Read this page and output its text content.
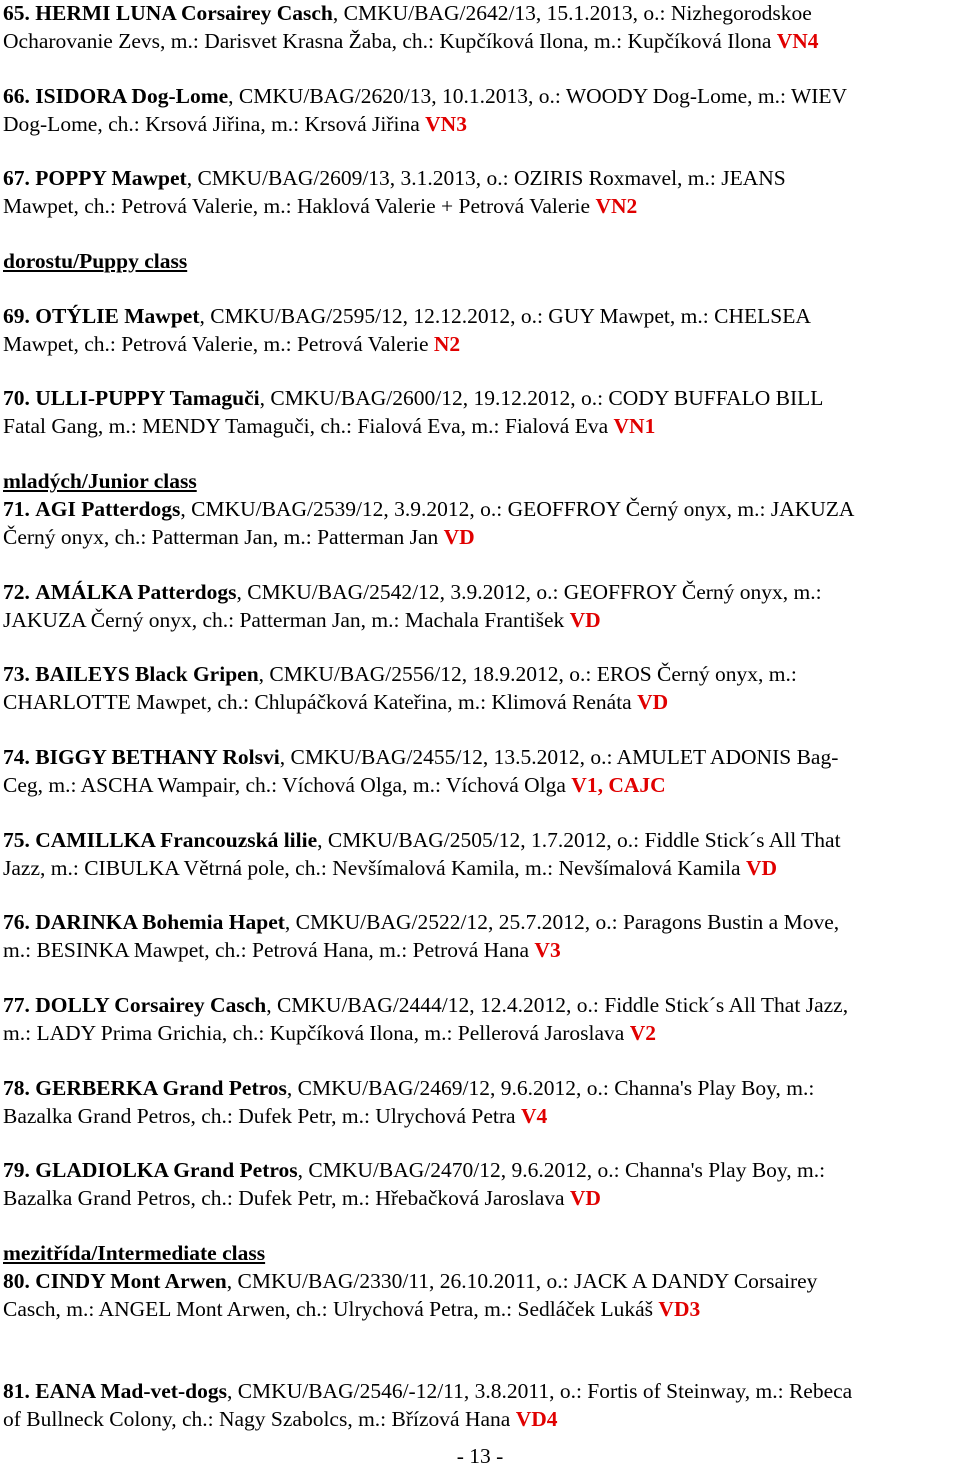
65. HERMI LUNA Corsairey Casch, CMKU/BAG/2642/13, 15.1.2013, o.: Nizhegorodskoe
Ocharovanie Zevs, m.: Darisvet Krasna Žaba, ch.: Kupčíková Ilona, m.: Kupčíková Ilona VN4

66. ISIDORA Dog-Lome, CMKU/BAG/2620/13, 10.1.2013, o.: WOODY Dog-Lome, m.: WIEV
Dog-Lome, ch.: Krsová Jiřina, m.: Krsová Jiřina VN3

67. POPPY Mawpet, CMKU/BAG/2609/13, 3.1.2013, o.: OZIRIS Roxmavel, m.: JEANS
Mawpet, ch.: Petrová Valerie, m.: Haklová Valerie + Petrová Valerie VN2

dorostu/Puppy class

69. OTÝLIE Mawpet, CMKU/BAG/2595/12, 12.12.2012, o.: GUY Mawpet, m.: CHELSEA
Mawpet, ch.: Petrová Valerie, m.: Petrová Valerie N2

70. ULLI-PUPPY Tamaguči, CMKU/BAG/2600/12, 19.12.2012, o.: CODY BUFFALO BILL
Fatal Gang, m.: MENDY Tamaguči, ch.: Fialová Eva, m.: Fialová Eva VN1

mladých/Junior class

71. AGI Patterdogs, CMKU/BAG/2539/12, 3.9.2012, o.: GEOFFROY Černý onyx, m.: JAKUZA
Černý onyx, ch.: Patterman Jan, m.: Patterman Jan VD

72. AMÁLKA Patterdogs, CMKU/BAG/2542/12, 3.9.2012, o.: GEOFFROY Černý onyx, m.:
JAKUZA Černý onyx, ch.: Patterman Jan, m.: Machala František VD

73. BAILEYS Black Gripen, CMKU/BAG/2556/12, 18.9.2012, o.: EROS Černý onyx, m.:
CHARLOTTE Mawpet, ch.: Chlupáčková Kateřina, m.: Klimová Renáta VD

74. BIGGY BETHANY Rolsvi, CMKU/BAG/2455/12, 13.5.2012, o.: AMULET ADONIS Bag-
Ceg, m.: ASCHA Wampair, ch.: Víchová Olga, m.: Víchová Olga V1, CAJC

75. CAMILLKA Francouzská lilie, CMKU/BAG/2505/12, 1.7.2012, o.: Fiddle Stick´s All That
Jazz, m.: CIBULKA Větrná pole, ch.: Nevšímalová Kamila, m.: Nevšímalová Kamila VD

76. DARINKA Bohemia Hapet, CMKU/BAG/2522/12, 25.7.2012, o.: Paragons Bustin a Move,
m.: BESINKA Mawpet, ch.: Petrová Hana, m.: Petrová Hana V3

77. DOLLY Corsairey Casch, CMKU/BAG/2444/12, 12.4.2012, o.: Fiddle Stick´s All That Jazz,
m.: LADY Prima Grichia, ch.: Kupčíková Ilona, m.: Pellerová Jaroslava V2

78. GERBERKA Grand Petros, CMKU/BAG/2469/12, 9.6.2012, o.: Channa's Play Boy, m.:
Bazalka Grand Petros, ch.: Dufek Petr, m.: Ulrychová Petra V4

79. GLADIOLKA Grand Petros, CMKU/BAG/2470/12, 9.6.2012, o.: Channa's Play Boy, m.:
Bazalka Grand Petros, ch.: Dufek Petr, m.: Hřebačková Jaroslava VD

mezitřída/Intermediate class

80. CINDY Mont Arwen, CMKU/BAG/2330/11, 26.10.2011, o.: JACK A DANDY Corsairey
Casch, m.: ANGEL Mont Arwen, ch.: Ulrychová Petra, m.: Sedláček Lukáš VD3

81. EANA Mad-vet-dogs, CMKU/BAG/2546/-12/11, 3.8.2011, o.: Fortis of Steinway, m.: Rebeca
of Bullneck Colony, ch.: Nagy Szabolcs, m.: Břízová Hana VD4

- 13 -
